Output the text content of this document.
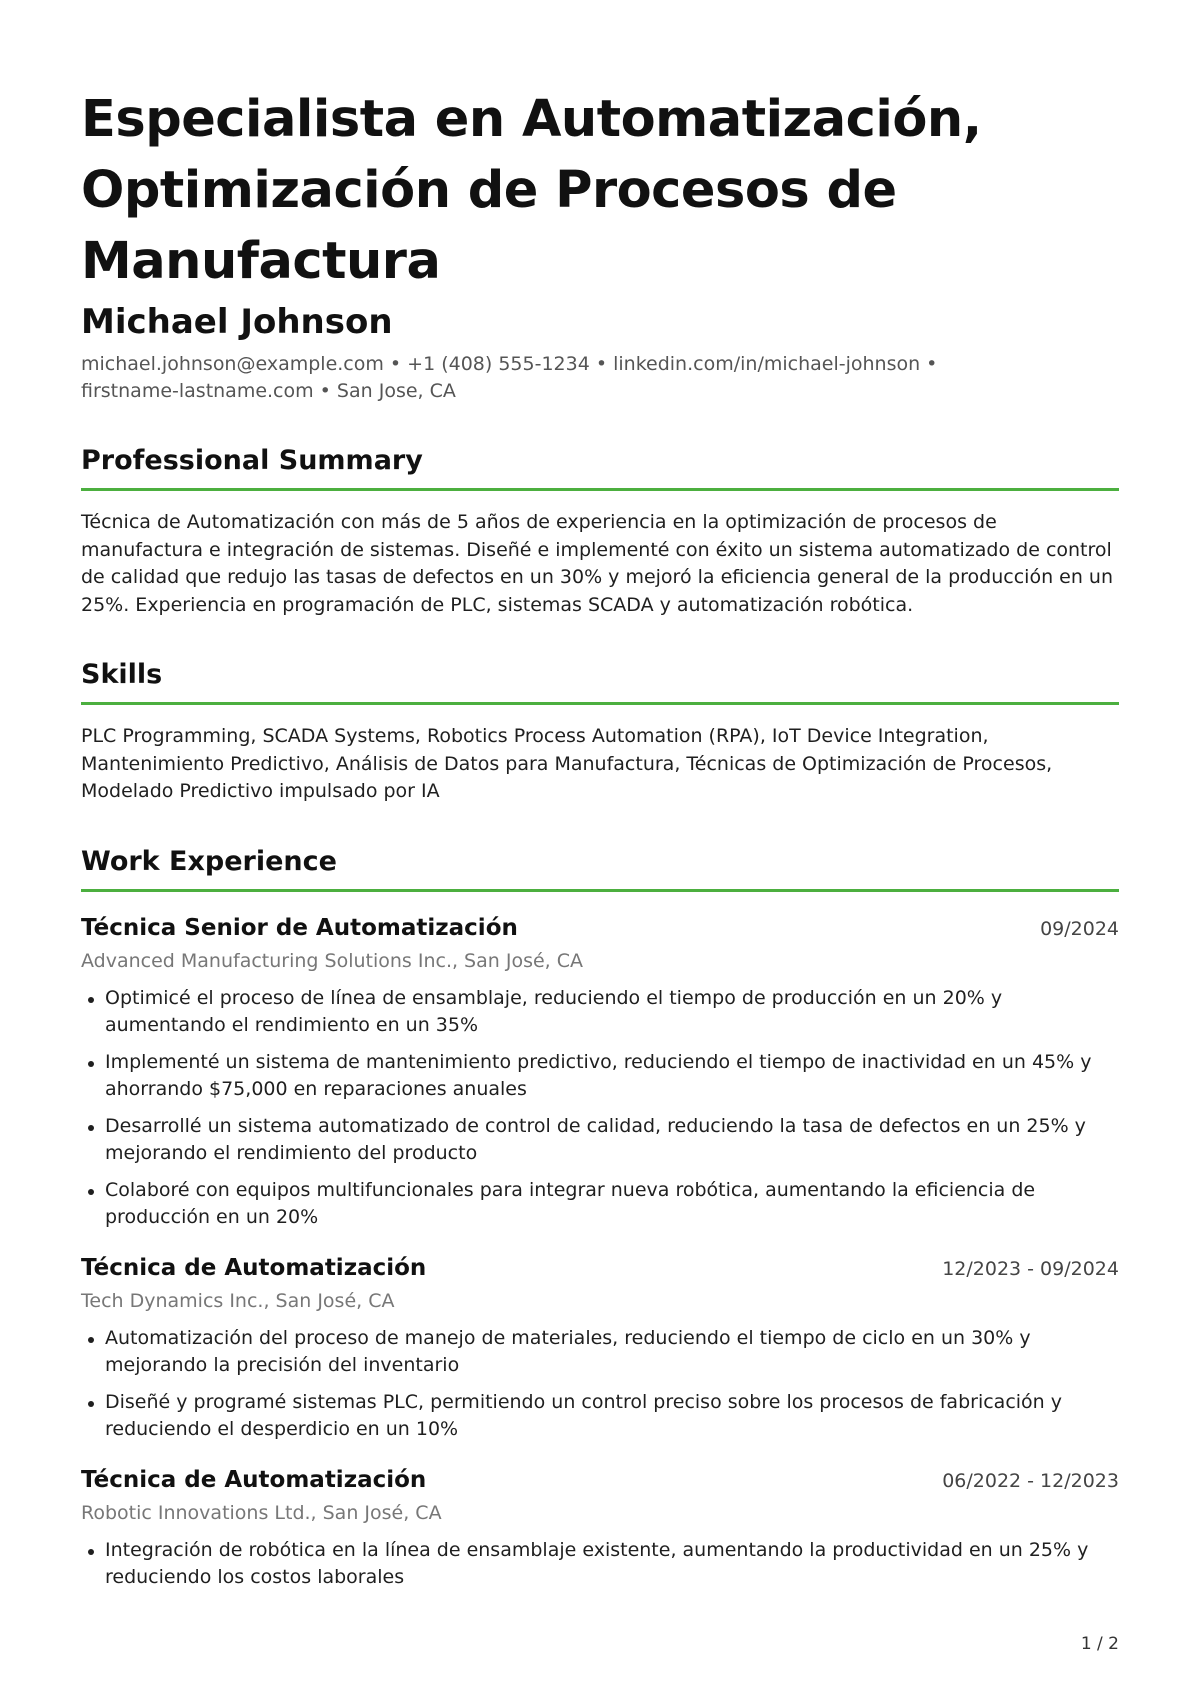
Especialista en Automatización, Optimización de Procesos de Manufactura
Michael Johnson
michael.johnson@example.com • +1 (408) 555-1234 • linkedin.com/in/michael-johnson • firstname-lastname.com • San Jose, CA
Professional Summary
Técnica de Automatización con más de 5 años de experiencia en la optimización de procesos de manufactura e integración de sistemas. Diseñé e implementé con éxito un sistema automatizado de control de calidad que redujo las tasas de defectos en un 30% y mejoró la eficiencia general de la producción en un 25%. Experiencia en programación de PLC, sistemas SCADA y automatización robótica.
Skills
PLC Programming, SCADA Systems, Robotics Process Automation (RPA), IoT Device Integration, Mantenimiento Predictivo, Análisis de Datos para Manufactura, Técnicas de Optimización de Procesos, Modelado Predictivo impulsado por IA
Work Experience
Técnica Senior de Automatización	09/2024
Advanced Manufacturing Solutions Inc., San José, CA
Optimicé el proceso de línea de ensamblaje, reduciendo el tiempo de producción en un 20% y aumentando el rendimiento en un 35%
Implementé un sistema de mantenimiento predictivo, reduciendo el tiempo de inactividad en un 45% y ahorrando $75,000 en reparaciones anuales
Desarrollé un sistema automatizado de control de calidad, reduciendo la tasa de defectos en un 25% y mejorando el rendimiento del producto
Colaboré con equipos multifuncionales para integrar nueva robótica, aumentando la eficiencia de producción en un 20%
Técnica de Automatización	12/2023 - 09/2024
Tech Dynamics Inc., San José, CA
Automatización del proceso de manejo de materiales, reduciendo el tiempo de ciclo en un 30% y mejorando la precisión del inventario
Diseñé y programé sistemas PLC, permitiendo un control preciso sobre los procesos de fabricación y reduciendo el desperdicio en un 10%
Técnica de Automatización	06/2022 - 12/2023
Robotic Innovations Ltd., San José, CA
Integración de robótica en la línea de ensamblaje existente, aumentando la productividad en un 25% y reduciendo los costos laborales
1 / 2
